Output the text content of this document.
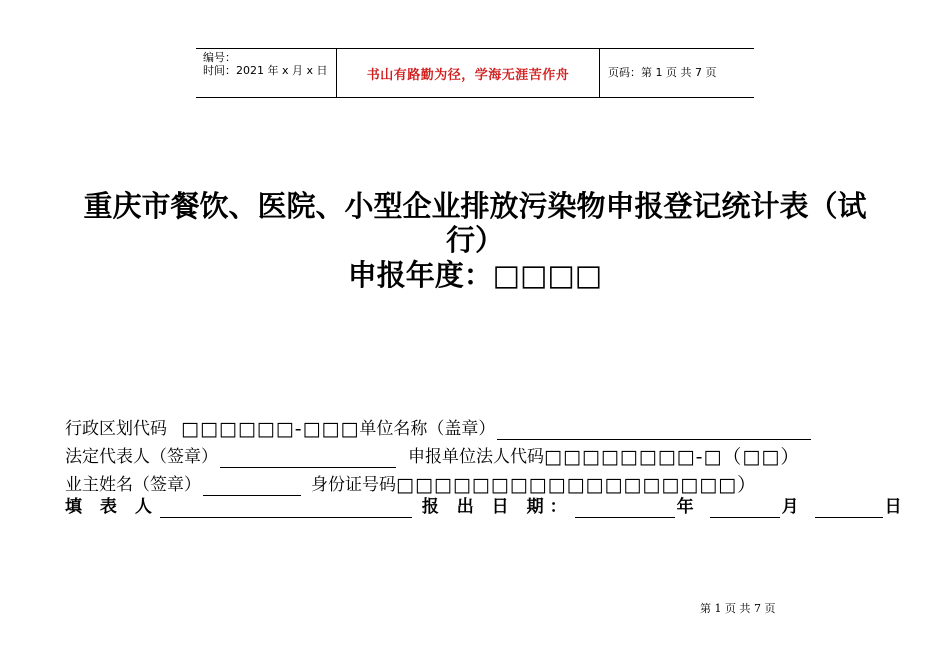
编号：
时间：2021 年 x 月 x 日	书山有路勤为径，学海无涯苦作舟	页码：第 1 页 共 7 页
重庆市餐饮、医院、小型企业排放污染物申报登记统计表（试
行）
申报年度：□□□□
行政区划代码 □□□□□□-□□□ 单位名称（盖章）
法定代表人（签章）	申报单位法人代码 □□□□□□□□-□（□□）
业主姓名（签章）	身份证号码 □□□□□□□□□□□□□□□□□□）
填 表 人	报 出 日 期：	年	月	日
第 1 页 共 7 页
